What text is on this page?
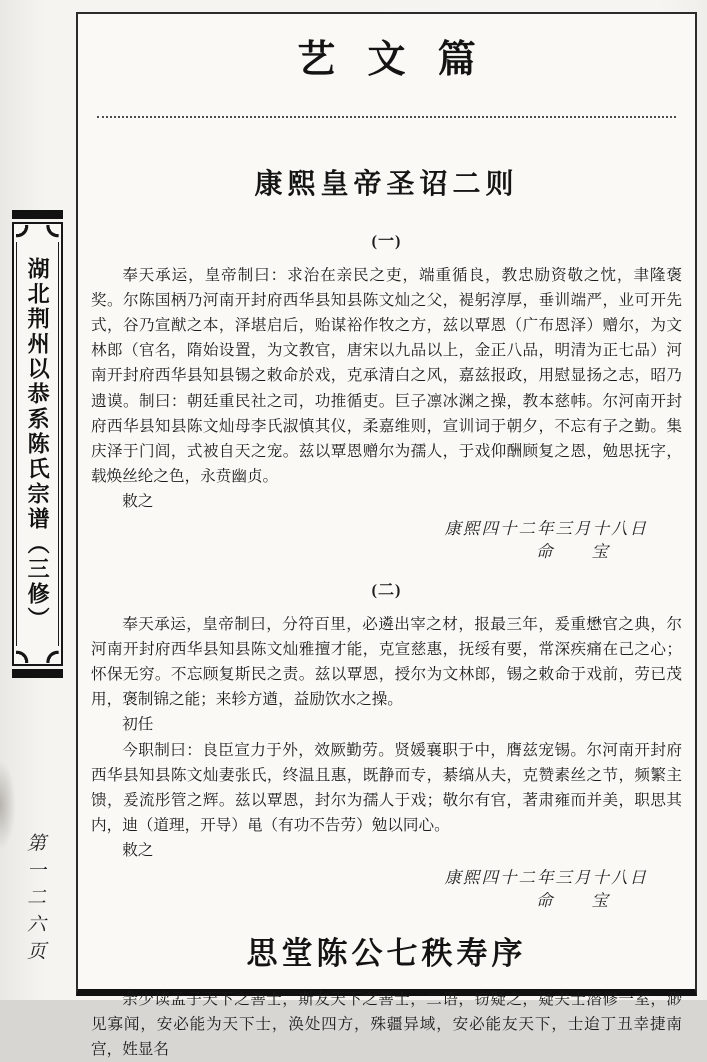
湖北荆州以恭系陈氏宗谱（三修）
第一二六页
艺文篇
康熙皇帝圣诏二则
(一)
奉天承运，皇帝制曰：求治在亲民之吏，端重循良，教忠励资敬之忱，聿隆褒奖。尔陈国柄乃河南开封府西华县知县陈文灿之父，褆躬淳厚，垂训端严，业可开先式，谷乃宣猷之本，泽堪启后，贻谋裕作牧之方，兹以覃恩（广布恩泽）赠尔，为文林郎（官名，隋始设置，为文教官，唐宋以九品以上，金正八品，明清为正七品）河南开封府西华县知县锡之敕命於戏，克承清白之风，嘉兹报政，用慰显扬之志，昭乃遗谟。制曰：朝廷重民社之司，功推循吏。巨子凛冰渊之操，教本慈帏。尔河南开封府西华县知县陈文灿母李氏淑慎其仪，柔嘉维则，宣训词于朝夕，不忘有子之勤。集庆泽于门闾，式被自天之宠。兹以覃恩赠尔为孺人，于戏仰酬顾复之恩，勉思抚字，载焕丝纶之色，永贲幽贞。
敕之
康熙四十二年三月十八日
命　　宝
(二)
奉天承运，皇帝制曰，分符百里，必遴出宰之材，报最三年，爰重懋官之典，尔河南开封府西华县知县陈文灿雅擅才能，克宣慈惠，抚绥有要，常深疾痛在己之心；怀保无穷。不忘顾复斯民之责。兹以覃恩，授尔为文林郎，锡之敕命于戏前，劳已茂用，褒制锦之能；来轸方遒，益励饮水之操。
初任
今职制曰：良臣宣力于外，效厥勤劳。贤媛襄职于中，膺兹宠锡。尔河南开封府西华县知县陈文灿妻张氏，终温且惠，既静而专，綦缟从夫，克赞素丝之节，频繁主馈，爰流彤管之辉。兹以覃恩，封尔为孺人于戏；敬尔有官，著肃雍而并美，职思其内，迪（道理，开导）黾（有功不告劳）勉以同心。
敕之
康熙四十二年三月十八日
命　　宝
思堂陈公七秩寿序
余少读孟子天下之善士，斯友天下之善士，二语，窃疑之，疑夫士潜修一室，渺见寡闻，安必能为天下士，涣处四方，殊疆异域，安必能友天下，士迨丁丑幸捷南宫，姓显名
